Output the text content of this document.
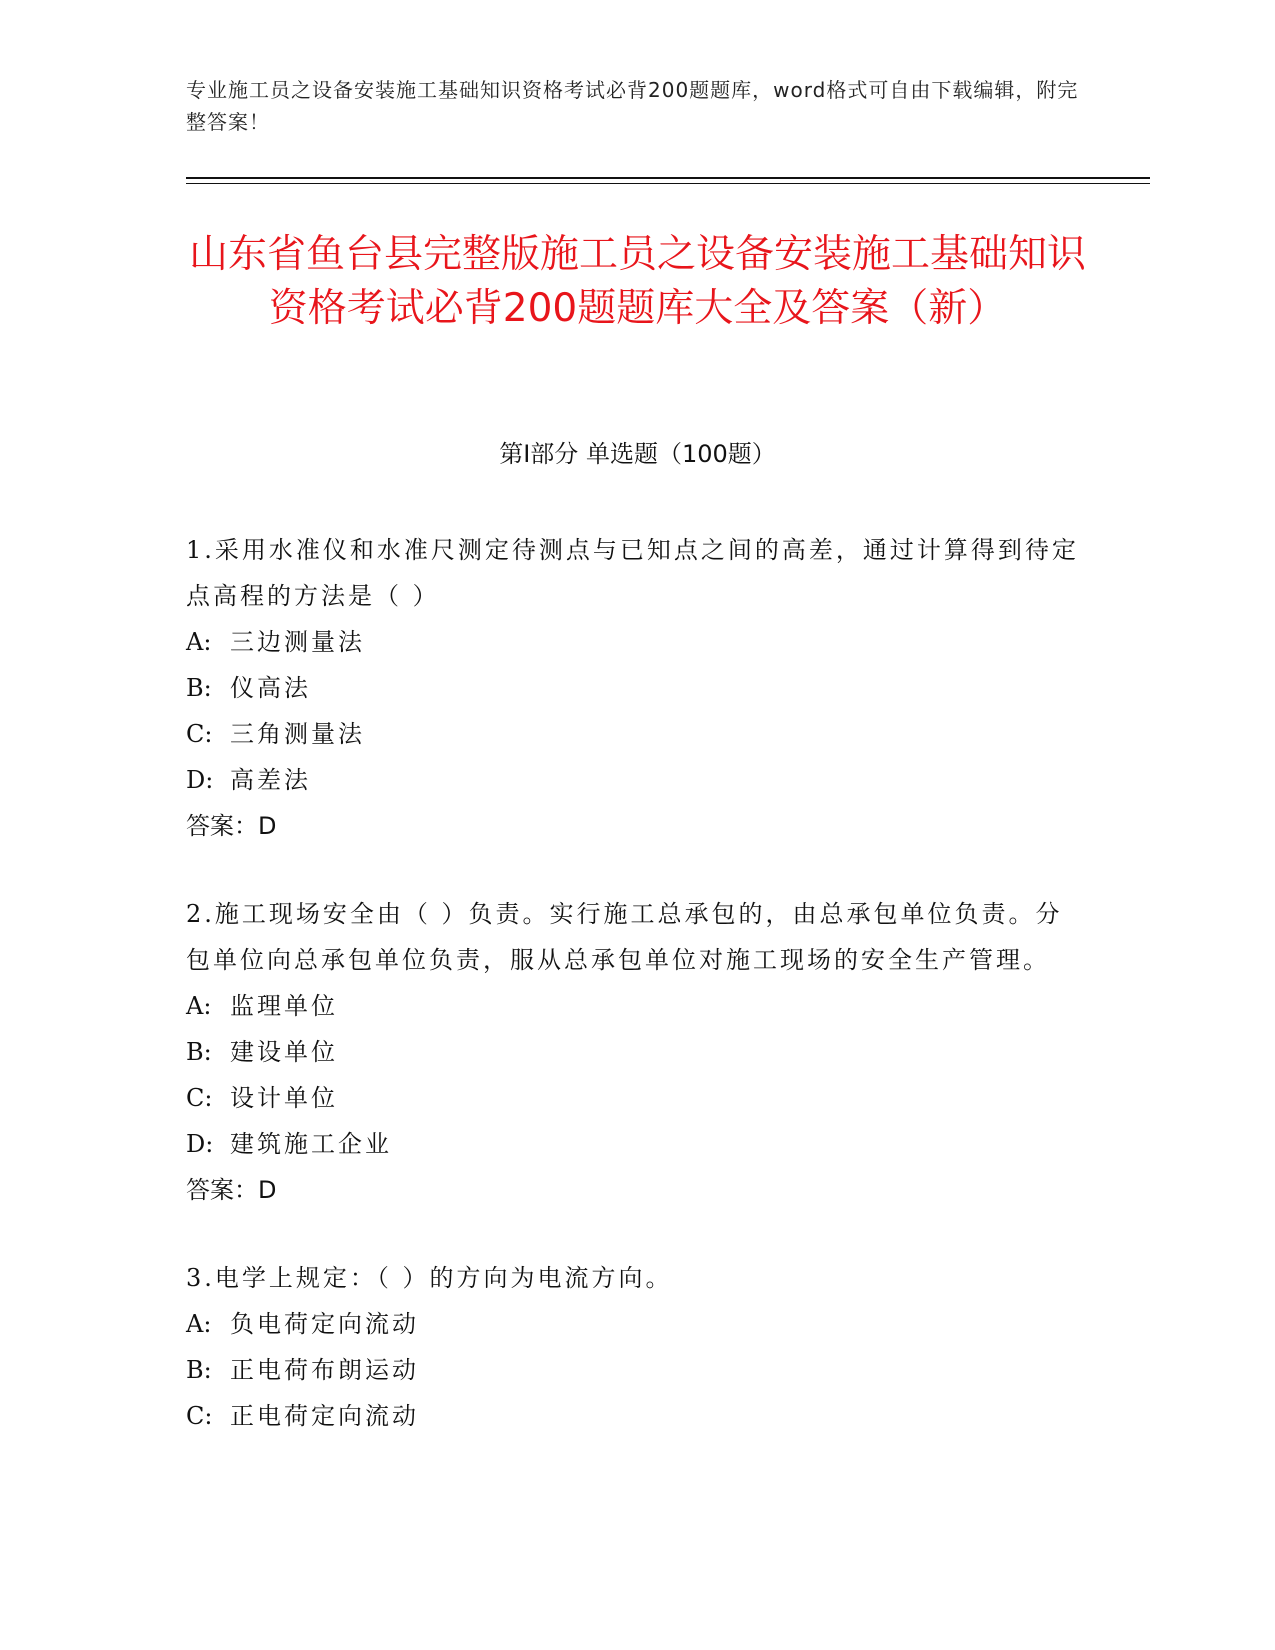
专业施工员之设备安装施工基础知识资格考试必背200题题库，word格式可自由下载编辑，附完整答案！
山东省鱼台县完整版施工员之设备安装施工基础知识资格考试必背200题题库大全及答案（新）
第Ⅰ部分 单选题（100题）
1.采用水准仪和水准尺测定待测点与已知点之间的高差，通过计算得到待定点高程的方法是（ ）
A: 三边测量法
B: 仪高法
C: 三角测量法
D: 高差法
答案：D
2.施工现场安全由（ ）负责。实行施工总承包的，由总承包单位负责。分包单位向总承包单位负责，服从总承包单位对施工现场的安全生产管理。
A: 监理单位
B: 建设单位
C: 设计单位
D: 建筑施工企业
答案：D
3.电学上规定：（ ）的方向为电流方向。
A: 负电荷定向流动
B: 正电荷布朗运动
C: 正电荷定向流动
